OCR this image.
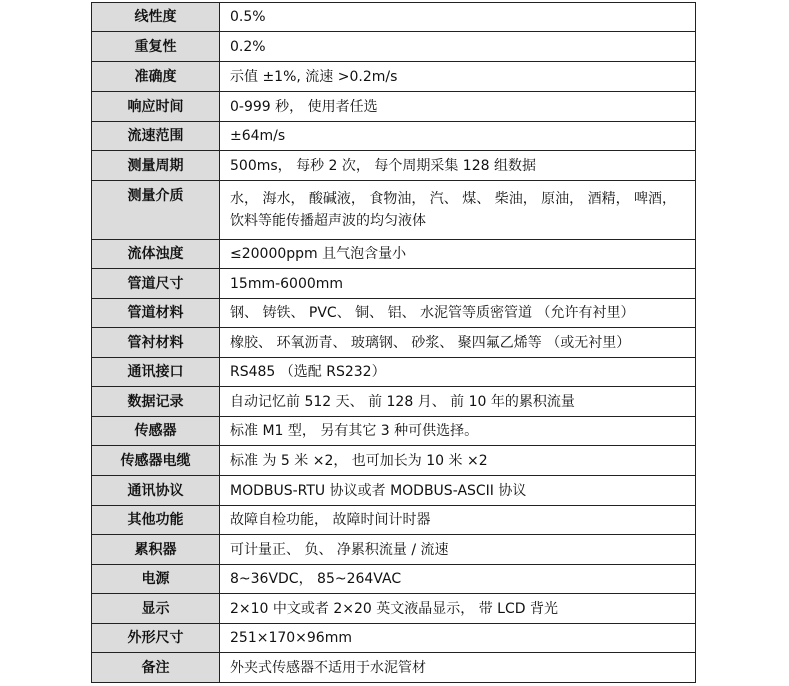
线性度	0.5%
重复性	0.2%
准确度	示值 ±1%, 流速 >0.2m/s
响应时间	0-999 秒， 使用者任选
流速范围	±64m/s
测量周期	500ms， 每秒 2 次， 每个周期采集 128 组数据
测量介质	水， 海水， 酸碱液， 食物油， 汽、 煤、 柴油， 原油， 酒精， 啤酒， 饮料等能传播超声波的均匀液体
流体浊度	≤20000ppm 且气泡含量小
管道尺寸	15mm-6000mm
管道材料	钢、 铸铁、 PVC、 铜、 铝、 水泥管等质密管道 （允许有衬里）
管衬材料	橡胶、 环氧沥青、 玻璃钢、 砂浆、 聚四氟乙烯等 （或无衬里）
通讯接口	RS485 （选配 RS232）
数据记录	自动记忆前 512 天、 前 128 月、 前 10 年的累积流量
传感器	标准 M1 型， 另有其它 3 种可供选择。
传感器电缆	标准 为 5 米 ×2， 也可加长为 10 米 ×2
通讯协议	MODBUS-RTU 协议或者 MODBUS-ASCII 协议
其他功能	故障自检功能， 故障时间计时器
累积器	可计量正、 负、 净累积流量 / 流速
电源	8~36VDC， 85~264VAC
显示	2×10 中文或者 2×20 英文液晶显示， 带 LCD 背光
外形尺寸	251×170×96mm
备注	外夹式传感器不适用于水泥管材
